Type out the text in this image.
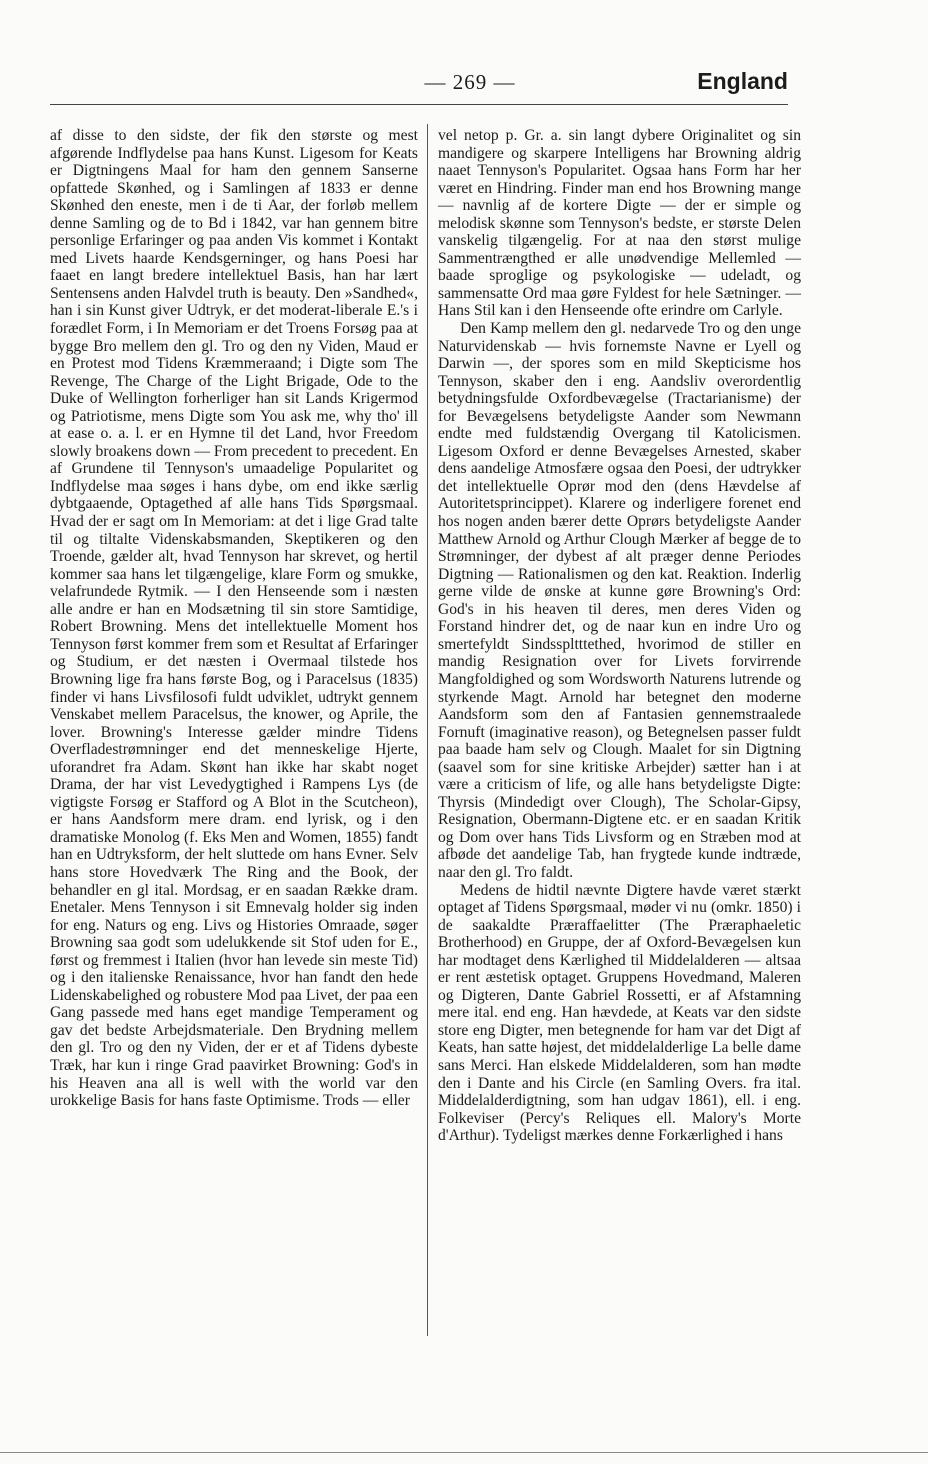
— 269 —	England

af disse to den sidste, der fik den største og mest afgørende Indflydelse paa hans Kunst. Ligesom for Keats er Digtningens Maal for ham den gennem Sanserne opfattede Skønhed, og i Samlingen af 1833 er denne Skønhed den eneste, men i de ti Aar, der forløb mellem denne Samling og de to Bd i 1842, var han gennem bitre personlige Erfaringer og paa anden Vis kommet i Kontakt med Livets haarde Kendsgerninger, og hans Poesi har faaet en langt bredere intellektuel Basis, han har lært Sentensens anden Halvdel truth is beauty. Den »Sandhed«, han i sin Kunst giver Udtryk, er det moderat-liberale E.'s i forædlet Form, i In Memoriam er det Troens Forsøg paa at bygge Bro mellem den gl. Tro og den ny Viden, Maud er en Protest mod Tidens Kræmmeraand; i Digte som The Revenge, The Charge of the Light Brigade, Ode to the Duke of Wellington forherliger han sit Lands Krigermod og Patriotisme, mens Digte som You ask me, why tho' ill at ease o. a. l. er en Hymne til det Land, hvor Freedom slowly broakens down — From precedent to precedent. En af Grundene til Tennyson's umaadelige Popularitet og Indflydelse maa søges i hans dybe, om end ikke særlig dybtgaaende, Optagethed af alle hans Tids Spørgsmaal. Hvad der er sagt om In Memoriam: at det i lige Grad talte til og tiltalte Videnskabsmanden, Skeptikeren og den Troende, gælder alt, hvad Tennyson har skrevet, og hertil kommer saa hans let tilgængelige, klare Form og smukke, velafrundede Rytmik. — I den Henseende som i næsten alle andre er han en Modsætning til sin store Samtidige, Robert Browning. Mens det intellektuelle Moment hos Tennyson først kommer frem som et Resultat af Erfaringer og Studium, er det næsten i Overmaal tilstede hos Browning lige fra hans første Bog, og i Paracelsus (1835) finder vi hans Livsfilosofi fuldt udviklet, udtrykt gennem Venskabet mellem Paracelsus, the knower, og Aprile, the lover. Browning's Interesse gælder mindre Tidens Overfladestrømninger end det menneskelige Hjerte, uforandret fra Adam. Skønt han ikke har skabt noget Drama, der har vist Levedygtighed i Rampens Lys (de vigtigste Forsøg er Stafford og A Blot in the Scutcheon), er hans Aandsform mere dram. end lyrisk, og i den dramatiske Monolog (f. Eks Men and Women, 1855) fandt han en Udtryksform, der helt sluttede om hans Evner. Selv hans store Hovedværk The Ring and the Book, der behandler en gl ital. Mordsag, er en saadan Række dram. Enetaler. Mens Tennyson i sit Emnevalg holder sig inden for eng. Naturs og eng. Livs og Histories Omraade, søger Browning saa godt som udelukkende sit Stof uden for E., først og fremmest i Italien (hvor han levede sin meste Tid) og i den italienske Renaissance, hvor han fandt den hede Lidenskabelighed og robustere Mod paa Livet, der paa een Gang passede med hans eget mandige Temperament og gav det bedste Arbejdsmateriale. Den Brydning mellem den gl. Tro og den ny Viden, der er et af Tidens dybeste Træk, har kun i ringe Grad paavirket Browning: God's in his Heaven ana all is well with the world var den urokkelige Basis for hans faste Optimisme. Trods — eller

vel netop p. Gr. a. sin langt dybere Originalitet og sin mandigere og skarpere Intelligens har Browning aldrig naaet Tennyson's Popularitet. Ogsaa hans Form har her været en Hindring. Finder man end hos Browning mange — navnlig af de kortere Digte — der er simple og melodisk skønne som Tennyson's bedste, er største Delen vanskelig tilgængelig. For at naa den størst mulige Sammentrængthed er alle unødvendige Mellemled — baade sproglige og psykologiske — udeladt, og sammensatte Ord maa gøre Fyldest for hele Sætninger. — Hans Stil kan i den Henseende ofte erindre om Carlyle.

Den Kamp mellem den gl. nedarvede Tro og den unge Naturvidenskab — hvis fornemste Navne er Lyell og Darwin —, der spores som en mild Skepticisme hos Tennyson, skaber den i eng. Aandsliv overordentlig betydningsfulde Oxfordbevægelse (Tractarianisme) der for Bevægelsens betydeligste Aander som Newmann endte med fuldstændig Overgang til Katolicismen. Ligesom Oxford er denne Bevægelses Arnested, skaber dens aandelige Atmosfære ogsaa den Poesi, der udtrykker det intellektuelle Oprør mod den (dens Hævdelse af Autoritetsprincippet). Klarere og inderligere forenet end hos nogen anden bærer dette Oprørs betydeligste Aander Matthew Arnold og Arthur Clough Mærker af begge de to Strømninger, der dybest af alt præger denne Periodes Digtning — Rationalismen og den kat. Reaktion. Inderlig gerne vilde de ønske at kunne gøre Browning's Ord: God's in his heaven til deres, men deres Viden og Forstand hindrer det, og de naar kun en indre Uro og smertefyldt Sindsspltttethed, hvorimod de stiller en mandig Resignation over for Livets forvirrende Mangfoldighed og som Wordsworth Naturens lutrende og styrkende Magt. Arnold har betegnet den moderne Aandsform som den af Fantasien gennemstraalede Fornuft (imaginative reason), og Betegnelsen passer fuldt paa baade ham selv og Clough. Maalet for sin Digtning (saavel som for sine kritiske Arbejder) sætter han i at være a criticism of life, og alle hans betydeligste Digte: Thyrsis (Mindedigt over Clough), The Scholar-Gipsy, Resignation, Obermann-Digtene etc. er en saadan Kritik og Dom over hans Tids Livsform og en Stræben mod at afbøde det aandelige Tab, han frygtede kunde indtræde, naar den gl. Tro faldt.

Medens de hidtil nævnte Digtere havde været stærkt optaget af Tidens Spørgsmaal, møder vi nu (omkr. 1850) i de saakaldte Præraffaelitter (The Præraphaeletic Brotherhood) en Gruppe, der af Oxford-Bevægelsen kun har modtaget dens Kærlighed til Middelalderen — altsaa er rent æstetisk optaget. Gruppens Hovedmand, Maleren og Digteren, Dante Gabriel Rossetti, er af Afstamning mere ital. end eng. Han hævdede, at Keats var den sidste store eng Digter, men betegnende for ham var det Digt af Keats, han satte højest, det middelalderlige La belle dame sans Merci. Han elskede Middelalderen, som han mødte den i Dante and his Circle (en Samling Overs. fra ital. Middelalderdigtning, som han udgav 1861), ell. i eng. Folkeviser (Percy's Reliques ell. Malory's Morte d'Arthur). Tydeligst mærkes denne Forkærlighed i hans
